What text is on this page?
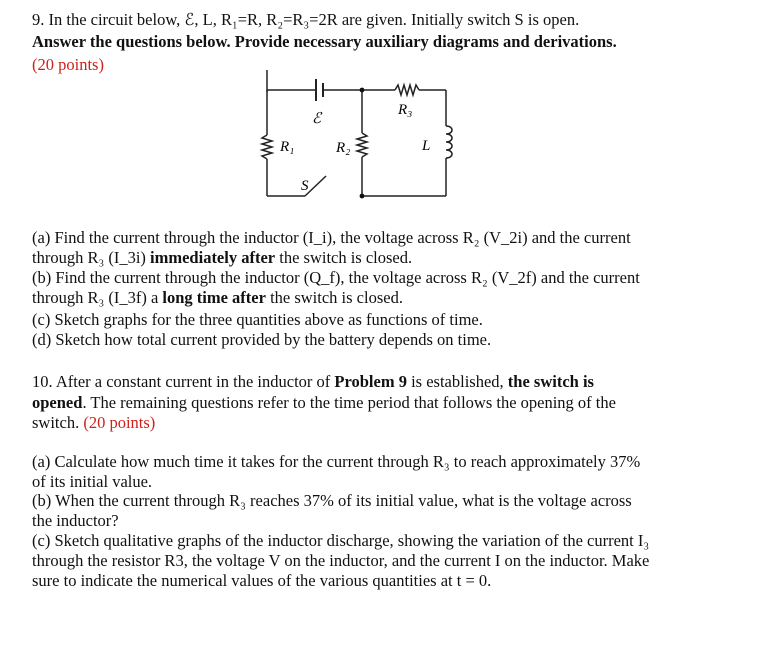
9. In the circuit below, ℰ, L, R₁=R, R₂=R₃=2R are given. Initially switch S is open.
Answer the questions below. Provide necessary auxiliary diagrams and derivations.
(20 points)
ℰ
R₁	R₂
R₃
L
S
(a) Find the current through the inductor (I_i), the voltage across R₂ (V_2i) and the current
through R₃ (I_3i) immediately after the switch is closed.
(b) Find the current through the inductor (Q_f), the voltage across R₂ (V_2f) and the current
through R₃ (I_3f) a long time after the switch is closed.
(c) Sketch graphs for the three quantities above as functions of time.
(d) Sketch how total current provided by the battery depends on time.
10. After a constant current in the inductor of Problem 9 is established, the switch is
opened. The remaining questions refer to the time period that follows the opening of the
switch. (20 points)
(a) Calculate how much time it takes for the current through R₃ to reach approximately 37%
of its initial value.
(b) When the current through R₃ reaches 37% of its initial value, what is the voltage across
the inductor?
(c) Sketch qualitative graphs of the inductor discharge, showing the variation of the current I₃
through the resistor R3, the voltage V on the inductor, and the current I on the inductor. Make
sure to indicate the numerical values of the various quantities at t = 0.
